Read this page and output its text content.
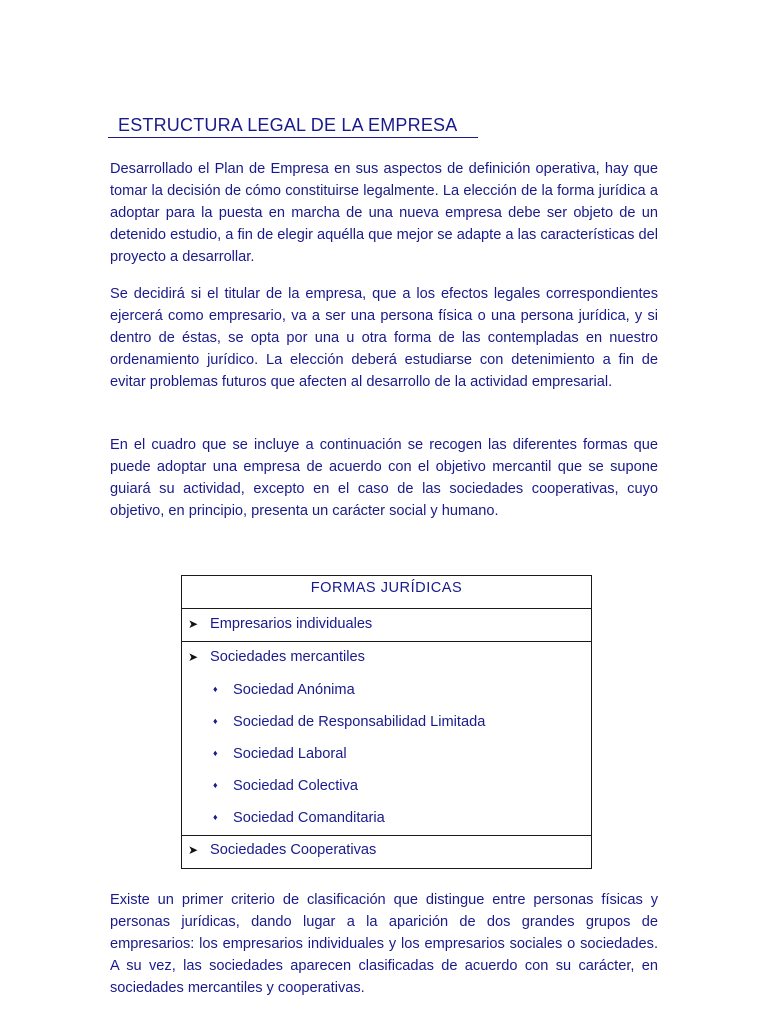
ESTRUCTURA LEGAL DE LA EMPRESA

Desarrollado el Plan de Empresa en sus aspectos de definición operativa, hay que tomar la decisión de cómo constituirse legalmente. La elección de la forma jurídica a adoptar para la puesta en marcha de una nueva empresa debe ser objeto de un detenido estudio, a fin de elegir aquélla que mejor se adapte a las características del proyecto a desarrollar.

Se decidirá si el titular de la empresa, que a los efectos legales correspondientes ejercerá como empresario, va a ser una persona física o una persona jurídica, y si dentro de éstas, se opta por una u otra forma de las contempladas en nuestro ordenamiento jurídico. La elección deberá estudiarse con detenimiento a fin de evitar problemas futuros que afecten al desarrollo de la actividad empresarial.

En el cuadro que se incluye a continuación se recogen las diferentes formas que puede adoptar una empresa de acuerdo con el objetivo mercantil que se supone guiará su actividad, excepto en el caso de las sociedades cooperativas, cuyo objetivo, en principio, presenta un carácter social y humano.

FORMAS JURÍDICAS
➤ Empresarios individuales
➤ Sociedades mercantiles
♦ Sociedad Anónima
♦ Sociedad de Responsabilidad Limitada
♦ Sociedad Laboral
♦ Sociedad Colectiva
♦ Sociedad Comanditaria
➤ Sociedades Cooperativas

Existe un primer criterio de clasificación que distingue entre personas físicas y personas jurídicas, dando lugar a la aparición de dos grandes grupos de empresarios: los empresarios individuales y los empresarios sociales o sociedades. A su vez, las sociedades aparecen clasificadas de acuerdo con su carácter, en sociedades mercantiles y cooperativas.
